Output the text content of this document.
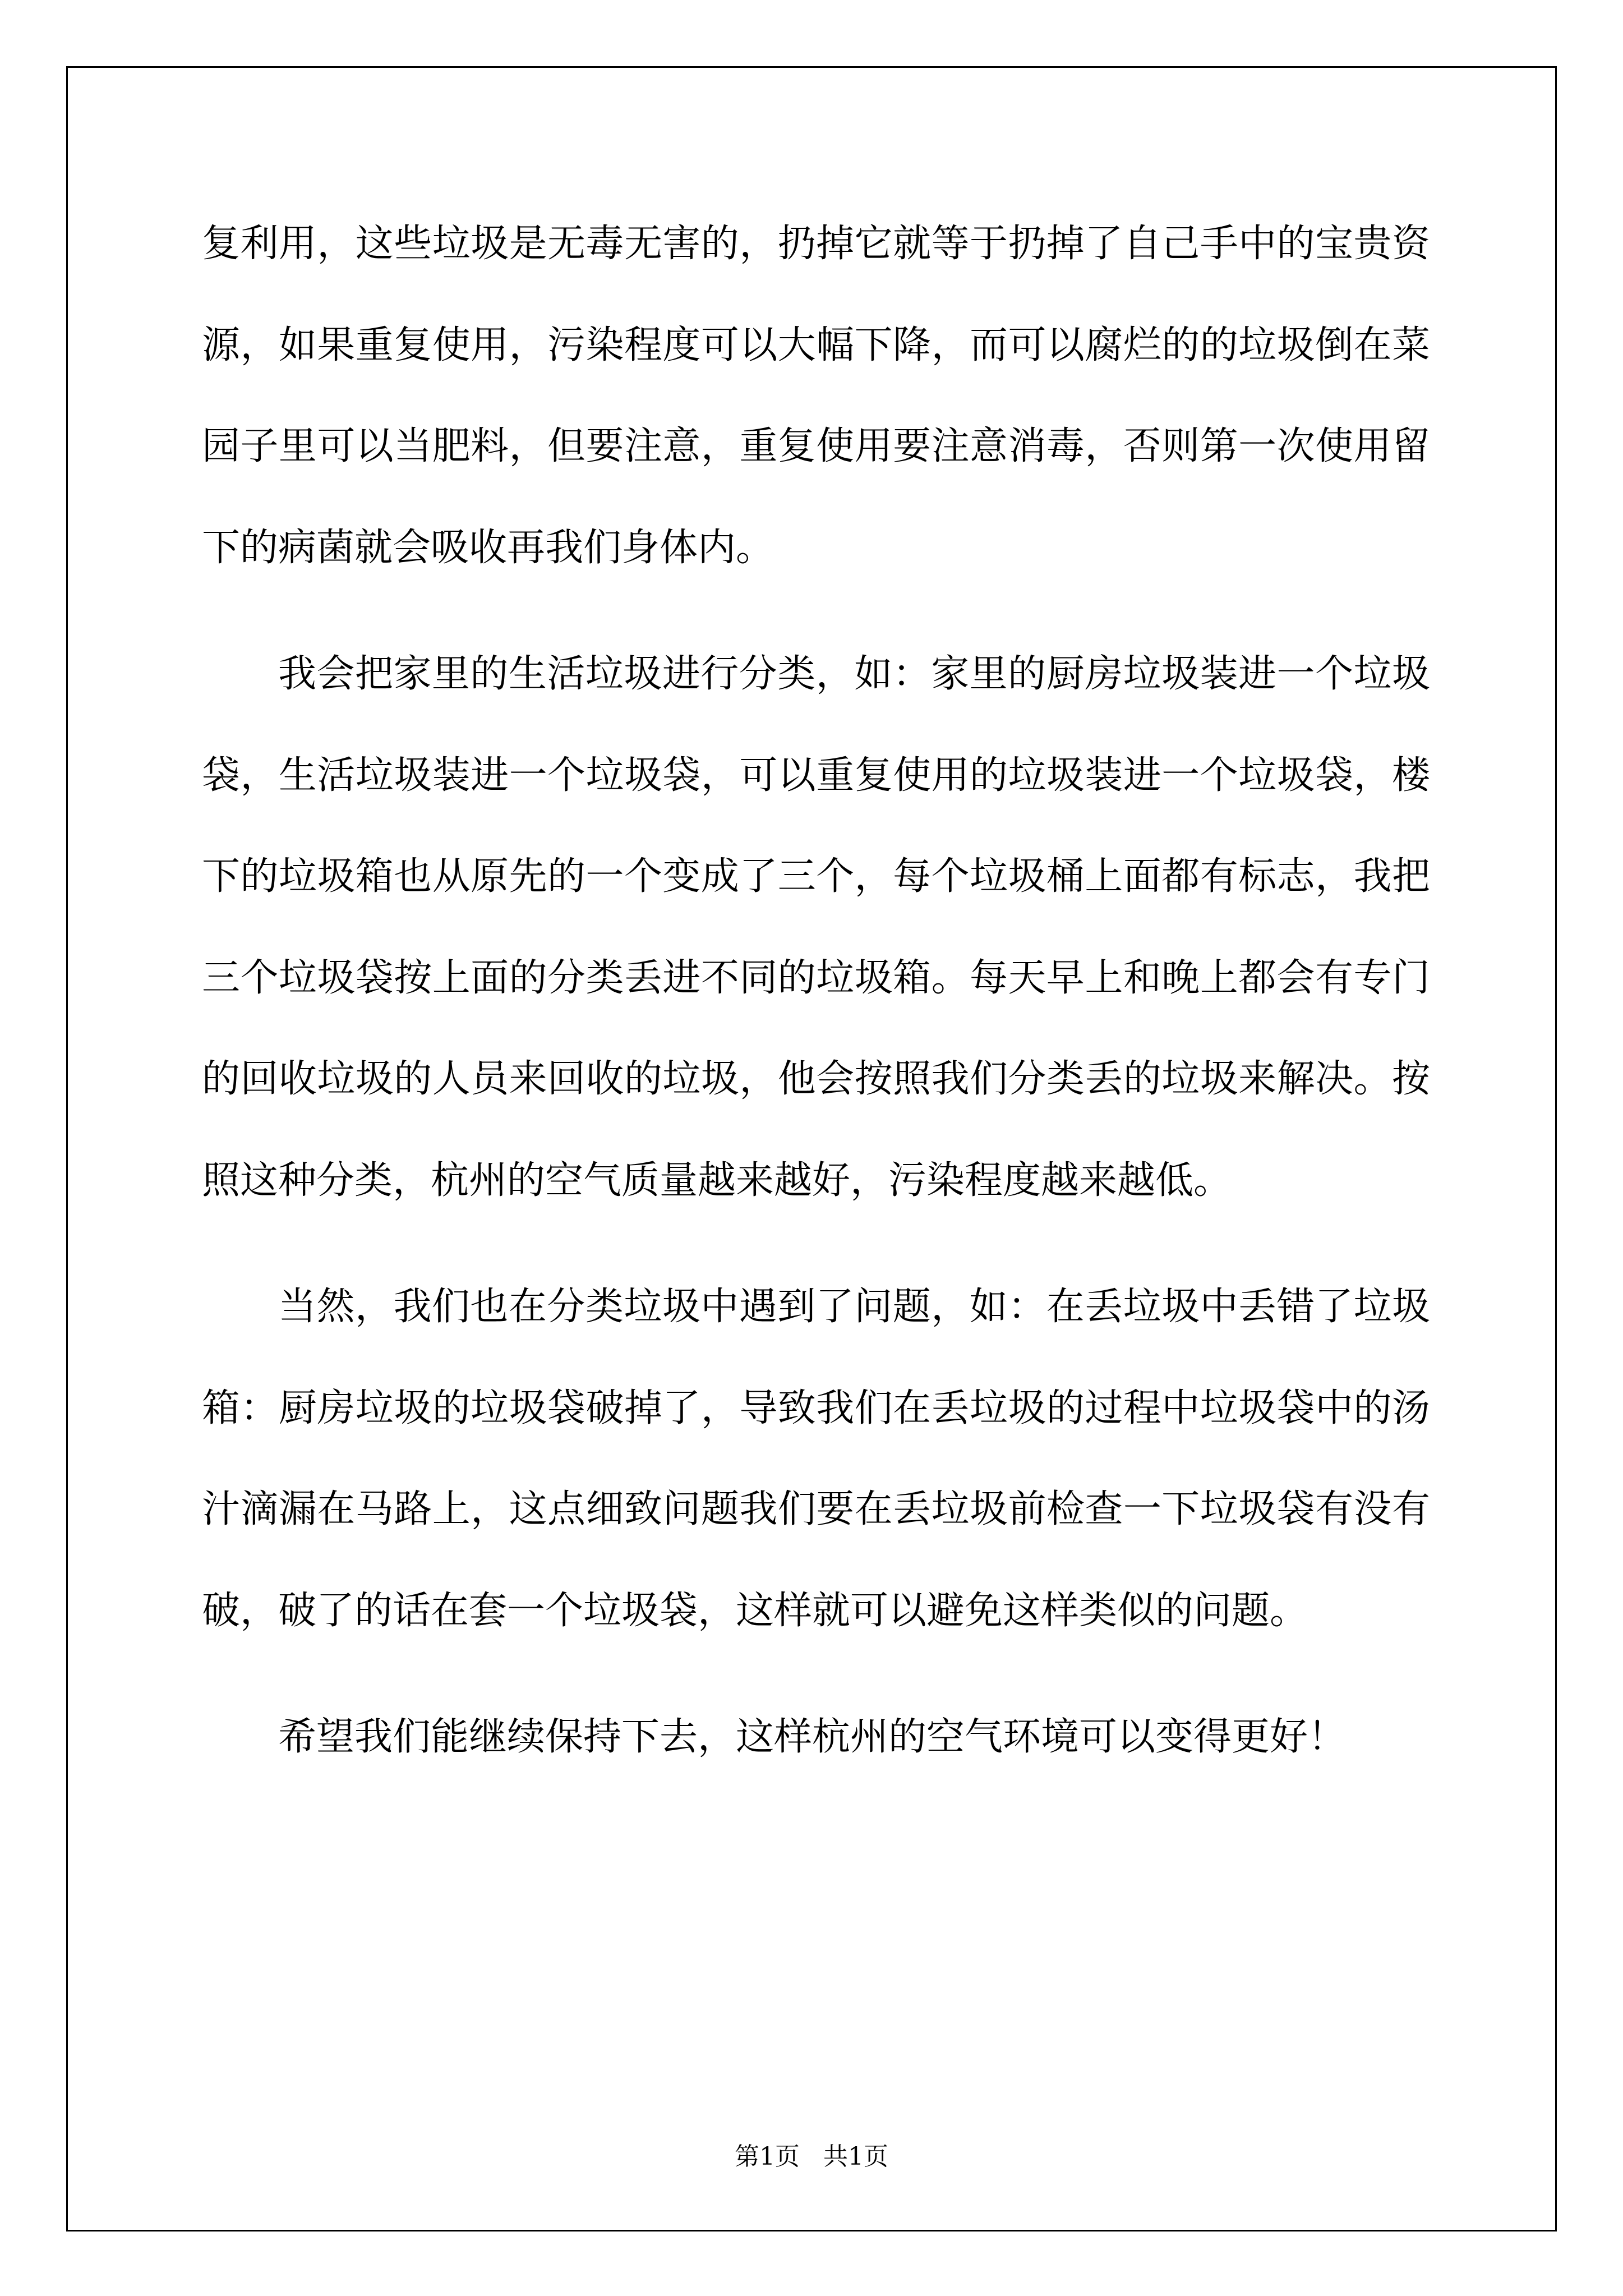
复利用，这些垃圾是无毒无害的，扔掉它就等于扔掉了自己手中的宝贵资源，如果重复使用，污染程度可以大幅下降，而可以腐烂的的垃圾倒在菜园子里可以当肥料，但要注意，重复使用要注意消毒，否则第一次使用留下的病菌就会吸收再我们身体内。

我会把家里的生活垃圾进行分类，如：家里的厨房垃圾装进一个垃圾袋，生活垃圾装进一个垃圾袋，可以重复使用的垃圾装进一个垃圾袋，楼下的垃圾箱也从原先的一个变成了三个，每个垃圾桶上面都有标志，我把三个垃圾袋按上面的分类丢进不同的垃圾箱。每天早上和晚上都会有专门的回收垃圾的人员来回收的垃圾，他会按照我们分类丢的垃圾来解决。按照这种分类，杭州的空气质量越来越好，污染程度越来越低。

当然，我们也在分类垃圾中遇到了问题，如：在丢垃圾中丢错了垃圾箱：厨房垃圾的垃圾袋破掉了，导致我们在丢垃圾的过程中垃圾袋中的汤汁滴漏在马路上，这点细致问题我们要在丢垃圾前检查一下垃圾袋有没有破，破了的话在套一个垃圾袋，这样就可以避免这样类似的问题。

希望我们能继续保持下去，这样杭州的空气环境可以变得更好！

第1页   共1页
